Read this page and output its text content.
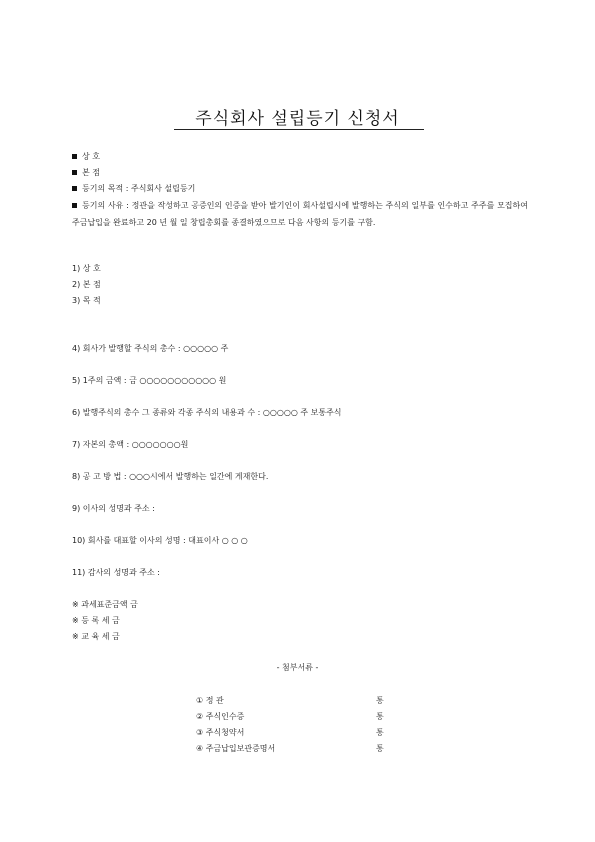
주식회사 설립등기 신청서
상 호
본 점
등기의 목적 : 주식회사 설립등기
등기의 사유 : 정관을 작성하고 공증인의 인증을 받아 발기인이 회사설립시에 발행하는 주식의 일부를 인수하고 주주를 모집하여 주금납입을 완료하고 20 년 월 일 창립총회를 종결하였으므로 다음 사항의 등기를 구함.
1) 상 호
2) 본 점
3) 목 적
4) 회사가 발행할 주식의 총수 : ○○○○○ 주
5) 1주의 금액 : 금 ○○○○○○○○○○○ 원
6) 발행주식의 총수 그 종류와 각종 주식의 내용과 수 : ○○○○○ 주 보통주식
7) 자본의 총액 : ○○○○○○○원
8) 공 고 방 법 : ○○○시에서 발행하는 일간에 게재한다.
9) 이사의 성명과 주소 :
10) 회사를 대표할 이사의 성명 : 대표이사 ○ ○ ○
11) 감사의 성명과 주소 :
※ 과세표준금액 금
※ 등 록 세 금
※ 교 육 세 금
- 첨부서류 -
① 정 관	통
② 주식인수증	통
③ 주식청약서	통
④ 주금납입보관증명서	통
